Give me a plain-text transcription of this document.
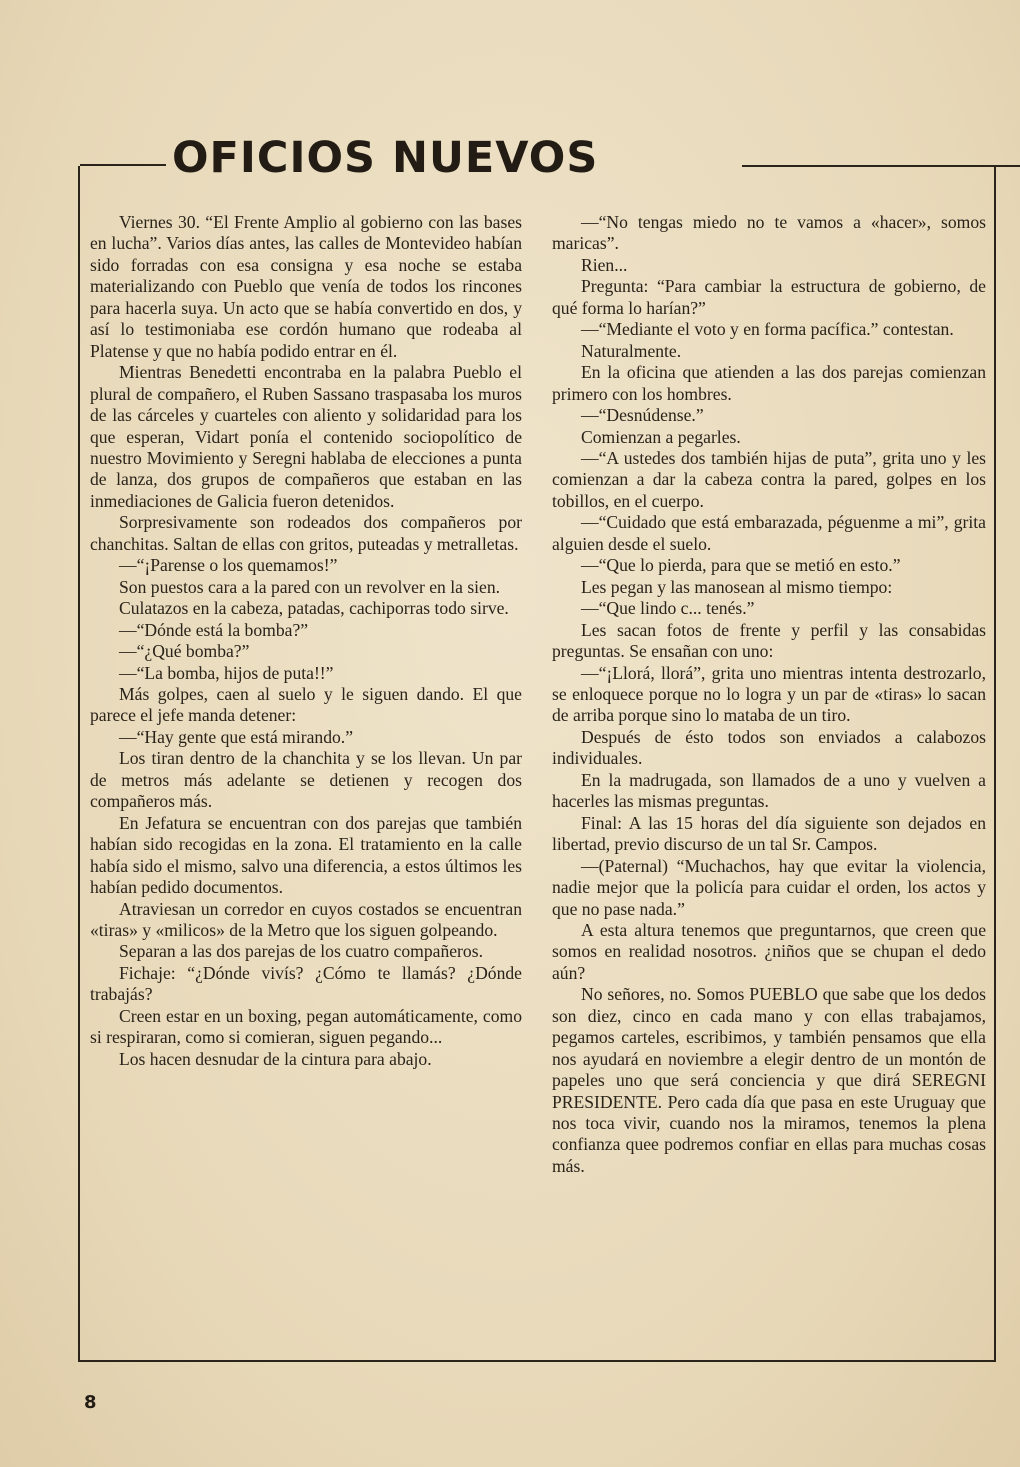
OFICIOS NUEVOS

Viernes 30. “El Frente Amplio al gobierno con las bases en lucha”. Varios días antes, las calles de Montevideo habían sido forradas con esa consigna y esa noche se estaba materializando con Pueblo que venía de todos los rincones para hacerla suya. Un acto que se había convertido en dos, y así lo testimoniaba ese cordón humano que rodeaba al Platense y que no había podido entrar en él.

Mientras Benedetti encontraba en la palabra Pueblo el plural de compañero, el Ruben Sassano traspasaba los muros de las cárceles y cuarteles con aliento y solidaridad para los que esperan, Vidart ponía el contenido sociopolítico de nuestro Movimiento y Seregni hablaba de elecciones a punta de lanza, dos grupos de compañeros que estaban en las inmediaciones de Galicia fueron detenidos.

Sorpresivamente son rodeados dos compañeros por chanchitas. Saltan de ellas con gritos, puteadas y metralletas.

—“¡Parense o los quemamos!”

Son puestos cara a la pared con un revolver en la sien.

Culatazos en la cabeza, patadas, cachiporras todo sirve.

—“Dónde está la bomba?”

—“¿Qué bomba?”

—“La bomba, hijos de puta!!”

Más golpes, caen al suelo y le siguen dando. El que parece el jefe manda detener:

—“Hay gente que está mirando.”

Los tiran dentro de la chanchita y se los llevan. Un par de metros más adelante se detienen y recogen dos compañeros más.

En Jefatura se encuentran con dos parejas que también habían sido recogidas en la zona. El tratamiento en la calle había sido el mismo, salvo una diferencia, a estos últimos les habían pedido documentos.

Atraviesan un corredor en cuyos costados se encuentran «tiras» y «milicos» de la Metro que los siguen golpeando.

Separan a las dos parejas de los cuatro compañeros.

Fichaje: “¿Dónde vivís? ¿Cómo te llamás? ¿Dónde trabajás?

Creen estar en un boxing, pegan automáticamente, como si respiraran, como si comieran, siguen pegando...

Los hacen desnudar de la cintura para abajo.

—“No tengas miedo no te vamos a «hacer», somos maricas”.

Rien...

Pregunta: “Para cambiar la estructura de gobierno, de qué forma lo harían?”

—“Mediante el voto y en forma pacífica.” contestan.

Naturalmente.

En la oficina que atienden a las dos parejas comienzan primero con los hombres.

—“Desnúdense.”

Comienzan a pegarles.

—“A ustedes dos también hijas de puta”, grita uno y les comienzan a dar la cabeza contra la pared, golpes en los tobillos, en el cuerpo.

—“Cuidado que está embarazada, péguenme a mi”, grita alguien desde el suelo.

—“Que lo pierda, para que se metió en esto.”

Les pegan y las manosean al mismo tiempo:

—“Que lindo c... tenés.”

Les sacan fotos de frente y perfil y las consabidas preguntas. Se ensañan con uno:

—“¡Llorá, llorá”, grita uno mientras intenta destrozarlo, se enloquece porque no lo logra y un par de «tiras» lo sacan de arriba porque sino lo mataba de un tiro.

Después de ésto todos son enviados a calabozos individuales.

En la madrugada, son llamados de a uno y vuelven a hacerles las mismas preguntas.

Final: A las 15 horas del día siguiente son dejados en libertad, previo discurso de un tal Sr. Campos.

—(Paternal) “Muchachos, hay que evitar la violencia, nadie mejor que la policía para cuidar el orden, los actos y que no pase nada.”

A esta altura tenemos que preguntarnos, que creen que somos en realidad nosotros. ¿niños que se chupan el dedo aún?

No señores, no. Somos PUEBLO que sabe que los dedos son diez, cinco en cada mano y con ellas trabajamos, pegamos carteles, escribimos, y también pensamos que ella nos ayudará en noviembre a elegir dentro de un montón de papeles uno que será conciencia y que dirá SEREGNI PRESIDENTE. Pero cada día que pasa en este Uruguay que nos toca vivir, cuando nos la miramos, tenemos la plena confianza quee podremos confiar en ellas para muchas cosas más.

8
